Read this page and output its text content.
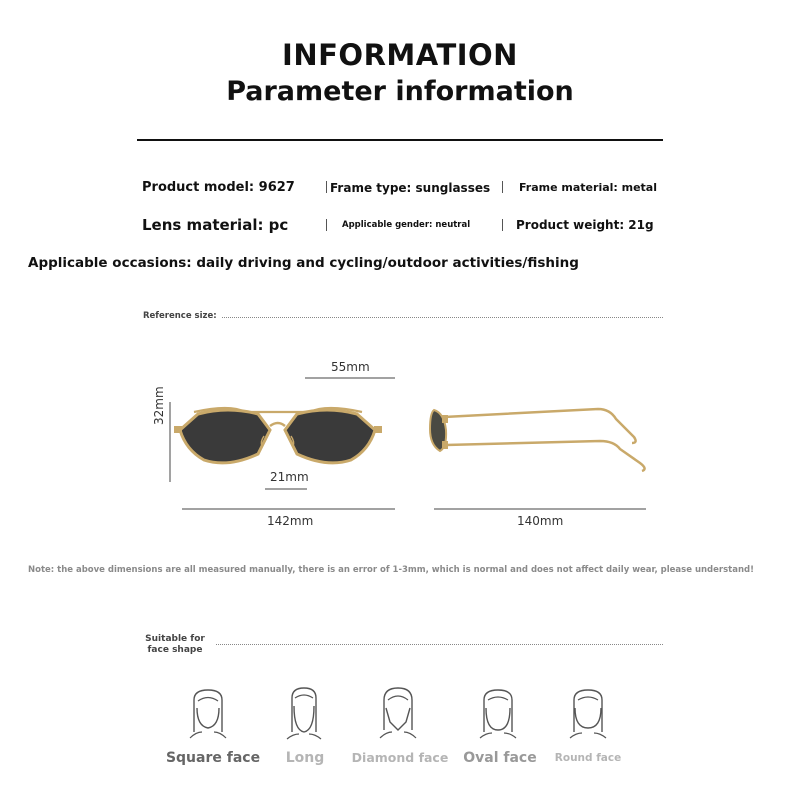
INFORMATION
Parameter information
Product model: 9627	Frame type: sunglasses	Frame material: metal
Lens material: pc	Applicable gender: neutral	Product weight: 21g
Applicable occasions: daily driving and cycling/outdoor activities/fishing
Reference size:
55mm
32mm
21mm
142mm	140mm
Note: the above dimensions are all measured manually, there is an error of 1-3mm, which is normal and does not affect daily wear, please understand!
Suitable for
face shape
Square face	Long	Diamond face	Oval face	Round face
